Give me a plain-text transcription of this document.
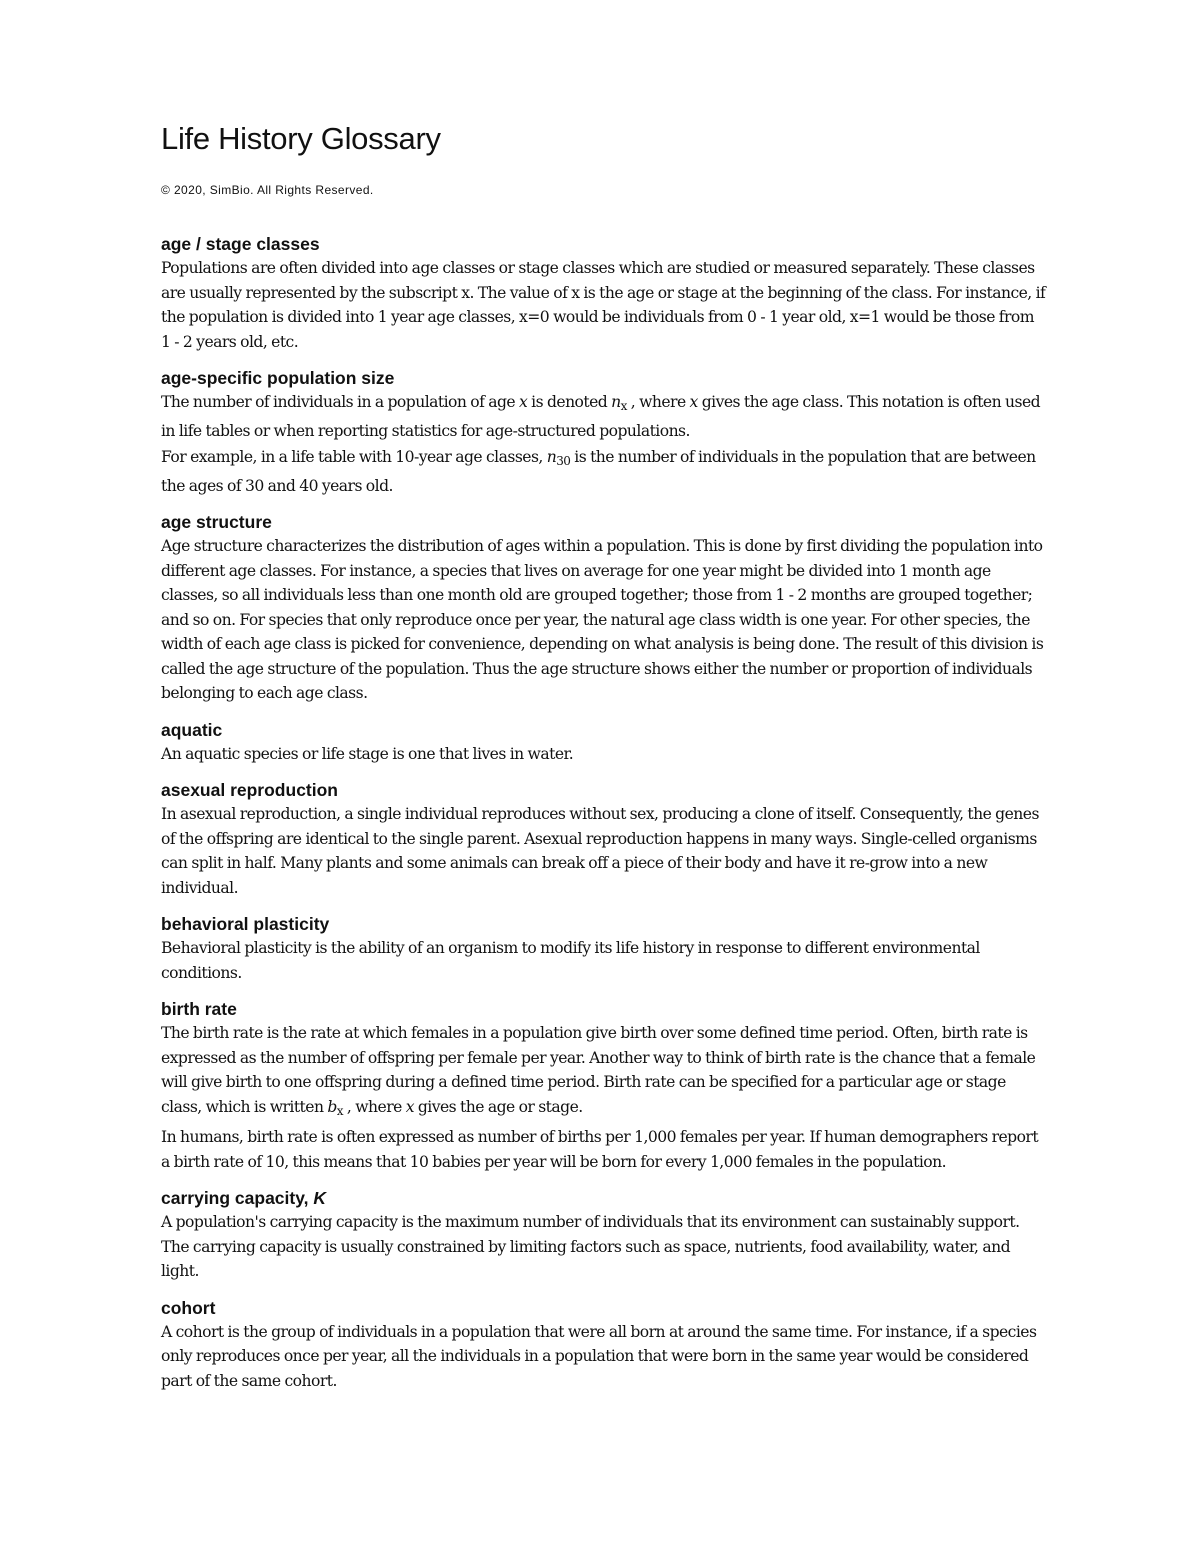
Life History Glossary
© 2020, SimBio. All Rights Reserved.
age / stage classes

Populations are often divided into age classes or stage classes which are studied or measured separately. These classes are usually represented by the subscript x. The value of x is the age or stage at the beginning of the class. For instance, if the population is divided into 1 year age classes, x=0 would be individuals from 0 - 1 year old, x=1 would be those from 1 - 2 years old, etc.

age-specific population size

The number of individuals in a population of age x is denoted $n_x$ , where x gives the age class. This notation is often used in life tables or when reporting statistics for age-structured populations.

For example, in a life table with 10-year age classes, $n_{30}$ is the number of individuals in the population that are between the ages of 30 and 40 years old.

age structure

Age structure characterizes the distribution of ages within a population. This is done by first dividing the population into different age classes. For instance, a species that lives on average for one year might be divided into 1 month age classes, so all individuals less than one month old are grouped together; those from 1 - 2 months are grouped together; and so on. For species that only reproduce once per year, the natural age class width is one year. For other species, the width of each age class is picked for convenience, depending on what analysis is being done. The result of this division is called the age structure of the population. Thus the age structure shows either the number or proportion of individuals belonging to each age class.

aquatic

An aquatic species or life stage is one that lives in water.

asexual reproduction

In asexual reproduction, a single individual reproduces without sex, producing a clone of itself. Consequently, the genes of the offspring are identical to the single parent. Asexual reproduction happens in many ways. Single-celled organisms can split in half. Many plants and some animals can break off a piece of their body and have it re-grow into a new individual.

behavioral plasticity

Behavioral plasticity is the ability of an organism to modify its life history in response to different environmental conditions.

birth rate

The birth rate is the rate at which females in a population give birth over some defined time period. Often, birth rate is expressed as the number of offspring per female per year. Another way to think of birth rate is the chance that a female will give birth to one offspring during a defined time period. Birth rate can be specified for a particular age or stage class, which is written $b_x$ , where x gives the age or stage.

In humans, birth rate is often expressed as number of births per 1,000 females per year. If human demographers report a birth rate of 10, this means that 10 babies per year will be born for every 1,000 females in the population.

carrying capacity, K

A population's carrying capacity is the maximum number of individuals that its environment can sustainably support. The carrying capacity is usually constrained by limiting factors such as space, nutrients, food availability, water, and light.

cohort

A cohort is the group of individuals in a population that were all born at around the same time. For instance, if a species only reproduces once per year, all the individuals in a population that were born in the same year would be considered part of the same cohort.
